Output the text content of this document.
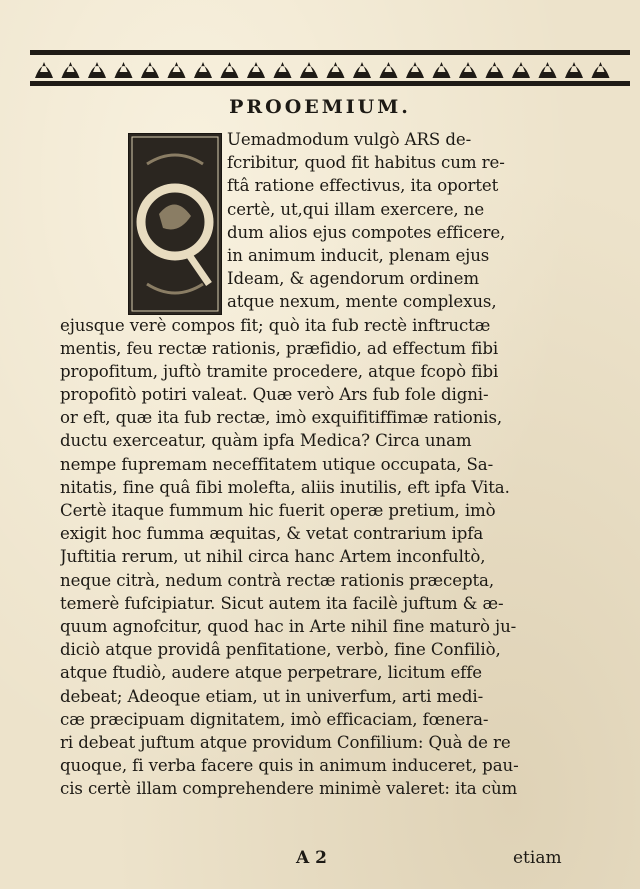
PROOEMIUM.
Uemadmodum vulgò ARS de-
fcribitur, quod fit habitus cum re-
ftâ ratione effectivus, ita oportet
certè, ut,qui illam exercere, ne
dum alios ejus compotes efficere,
in animum inducit, plenam ejus
Ideam, & agendorum ordinem
atque nexum, mente complexus,
ejusque verè compos fit; quò ita fub rectè inftructæ
mentis, feu rectæ rationis, præfidio, ad effectum fibi
propofitum, juftò tramite procedere, atque fcopò fibi
propofitò potiri valeat. Quæ verò Ars fub fole digni-
or eft, quæ ita fub rectæ, imò exquifitiffimæ rationis,
ductu exerceatur, quàm ipfa Medica? Circa unam
nempe fupremam neceffitatem utique occupata, Sa-
nitatis, fine quâ fibi molefta, aliis inutilis, eft ipfa Vita.
Certè itaque fummum hic fuerit operæ pretium, imò
exigit hoc fumma æquitas, & vetat contrarium ipfa
Juftitia rerum, ut nihil circa hanc Artem inconfultò,
neque citrà, nedum contrà rectæ rationis præcepta,
temerè fufcipiatur. Sicut autem ita facilè juftum & æ-
quum agnofcitur, quod hac in Arte nihil fine maturò ju-
diciò atque providâ penfitatione, verbò, fine Confiliò,
atque ftudiò, audere atque perpetrare, licitum effe
debeat; Adeoque etiam, ut in univerfum, arti medi-
cæ præcipuam dignitatem, imò efficaciam, fœnera-
ri debeat juftum atque providum Confilium: Quà de re
quoque, fi verba facere quis in animum induceret, pau-
cis certè illam comprehendere minimè valeret: ita cùm
A 2	etiam
